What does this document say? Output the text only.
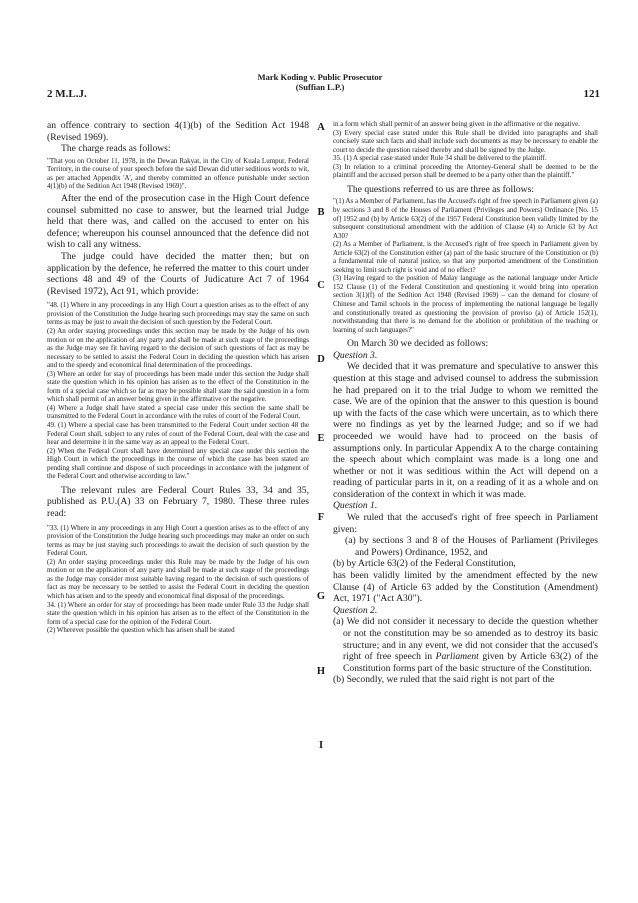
2 M.L.J.
Mark Koding v. Public Prosecutor
(Suffian L.P.)
121
A
B
C
D
E
F
G
H
I

an offence contrary to section 4(1)(b) of the Sedition Act 1948 (Revised 1969).

The charge reads as follows:

"That you on October 11, 1978, in the Dewan Rakyat, in the City of Kuala Lumpur, Federal Territory, in the course of your speech before the said Dewan did utter seditious words to wit, as per attached Appendix 'A', and thereby committed an offence punishable under section 4(1)(b) of the Sedition Act 1948 (Revised 1969)".

After the end of the prosecution case in the High Court defence counsel submitted no case to answer, but the learned trial Judge held that there was, and called on the accused to enter on his defence; whereupon his counsel announced that the defence did not wish to call any witness.

The judge could have decided the matter then; but on application by the defence, he referred the matter to this court under sections 48 and 49 of the Courts of Judicature Act 7 of 1964 (Revised 1972), Act 91, which provide:

"48. (1) Where in any proceedings in any High Court a question arises as to the effect of any provision of the Constitution the Judge hearing such proceedings may stay the same on such terms as may be just to await the decision of such question by the Federal Court.

(2) An order staying proceedings under this section may be made by the Judge of his own motion or on the application of any party and shall be made at such stage of the proceedings as the Judge may see fit having regard to the decision of such questions of fact as may be necessary to be settled to assist the Federal Court in deciding the question which has arisen and to the speedy and economical final determination of the proceedings.

(3) Where an order for stay of proceedings has been made under this section the Judge shall state the question which in his opinion has arisen as to the effect of the Constitution in the form of a special case which so far as may be possible shall state the said question in a form which shall permit of an answer being given in the affirmative or the negative.

(4) Where a Judge shall have stated a special case under this section the same shall be transmitted to the Federal Court in accordance with the rules of court of the Federal Court.

49. (1) Where a special case has been transmitted to the Federal Court under section 48 the Federal Court shall, subject to any rules of court of the Federal Court, deal with the case and hear and determine it in the same way as an appeal to the Federal Court.

(2) When the Federal Court shall have determined any special case under this section the High Court in which the proceedings in the course of which the case has been stated are pending shall continue and dispose of such proceedings in accordance with the judgment of the Federal Court and otherwise according to law."

The relevant rules are Federal Court Rules 33, 34 and 35, published as P.U.(A) 33 on February 7, 1980. These three rules read:

"33. (1) Where in any proceedings in any High Court a question arises as to the effect of any provision of the Constitution the Judge hearing such proceedings may make an order on such terms as may be just staying such proceedings to await the decision of such question by the Federal Court.

(2) An order staying proceedings under this Rule may be made by the Judge of his own motion or on the application of any party and shall be made at such stage of the proceedings as the Judge may consider most suitable having regard to the decision of such questions of fact as may be necessary to be settled to assist the Federal Court in deciding the question which has arisen and to the speedy and economical final disposal of the proceedings.

34. (1) Where an order for stay of proceedings has been made under Rule 33 the Judge shall state the question which in his opinion has arisen as to the effect of the Constitution in the form of a special case for the opinion of the Federal Court.

(2) Wherever possible the question which has arisen shall be stated

in a form which shall permit of an answer being given in the affirmative or the negative.

(3) Every special case stated under this Rule shall be divided into paragraphs and shall concisely state such facts and shall include such documents as may be necessary to enable the court to decide the question raised thereby and shall be signed by the Judge.

35. (1) A special case stated under Rule 34 shall be delivered to the plaintiff.

(3) In relation to a criminal proceeding the Attorney-General shall be deemed to be the plaintiff and the accused person shall be deemed to be a party other than the plaintiff."

The questions referred to us are three as follows:

"(1) As a Member of Parliament, has the Accused's right of free speech in Parliament given (a) by sections 3 and 8 of the Houses of Parliament (Privileges and Powers) Ordinance [No. 15 of] 1952 and (b) by Article 63(2) of the 1957 Federal Constitution been validly limited by the subsequent constitutional amendment with the addition of Clause (4) to Article 63 by Act A30?

(2) As a Member of Parliament, is the Accused's right of free speech in Parliament given by Article 63(2) of the Constitution either (a) part of the basic structure of the Constitution or (b) a fundamental rule of natural justice, so that any purported amendment of the Constitution seeking to limit such right is void and of no effect?

(3) Having regard to the position of Malay language as the national language under Article 152 Clause (1) of the Federal Constitution and questioning it would bring into operation section 3(1)(f) of the Sedition Act 1948 (Revised 1969) – can the demand for closure of Chinese and Tamil schools in the process of implementing the national language be legally and constitutionally treated as questioning the provision of proviso (a) of Article 152(1), notwithstanding that there is no demand for the abolition or prohibition of the teaching or learning of such languages?"

On March 30 we decided as follows:

Question 3.

We decided that it was premature and speculative to answer this question at this stage and advised counsel to address the submission he had prepared on it to the trial Judge to whom we remitted the case. We are of the opinion that the answer to this question is bound up with the facts of the case which were uncertain, as to which there were no findings as yet by the learned Judge; and so if we had proceeded we would have had to proceed on the basis of assumptions only. In particular Appendix A to the charge containing the speech about which complaint was made is a long one and whether or not it was seditious within the Act will depend on a reading of particular parts in it, on a reading of it as a whole and on consideration of the context in which it was made.

Question 1.

We ruled that the accused's right of free speech in Parliament given:

(a) by sections 3 and 8 of the Houses of Parliament (Privileges and Powers) Ordinance, 1952, and

(b) by Article 63(2) of the Federal Constitution,

has been validly limited by the amendment effected by the new Clause (4) of Article 63 added by the Constitution (Amendment) Act, 1971 ("Act A30").

Question 2.

(a) We did not consider it necessary to decide the question whether or not the constitution may be so amended as to destroy its basic structure; and in any event, we did not consider that the accused's right of free speech in Parliament given by Article 63(2) of the Constitution forms part of the basic structure of the Constitution.

(b) Secondly, we ruled that the said right is not part of the
